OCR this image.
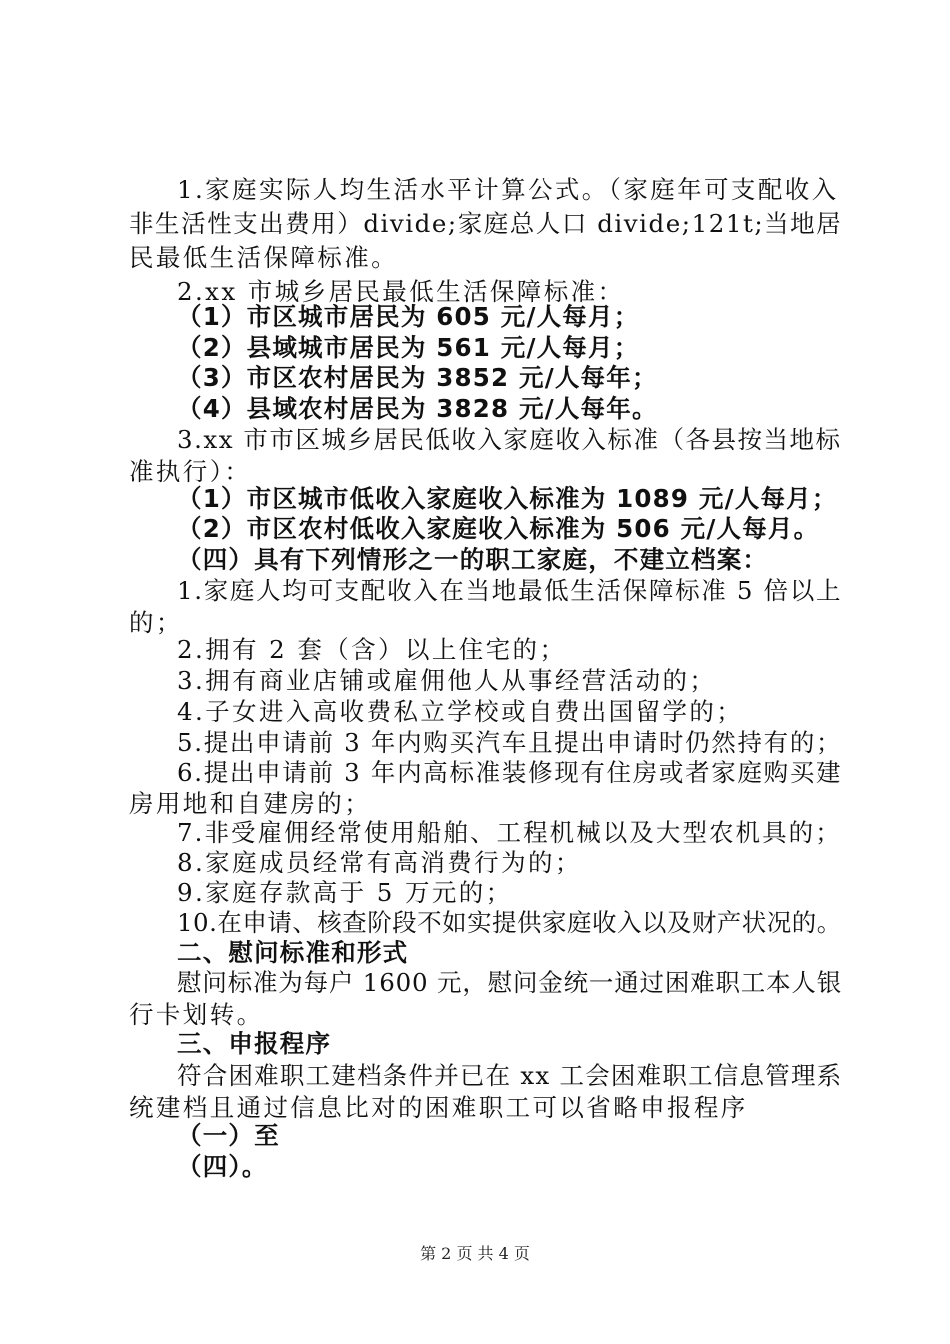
1.家庭实际人均生活水平计算公式。（家庭年可支配收入
非生活性支出费用）divide;家庭总人口 divide;121t;当地居
民最低生活保障标准。
2.xx 市城乡居民最低生活保障标准：
（1）市区城市居民为 605 元/人每月；
（2）县域城市居民为 561 元/人每月；
（3）市区农村居民为 3852 元/人每年；
（4）县域农村居民为 3828 元/人每年。
3.xx 市市区城乡居民低收入家庭收入标准（各县按当地标
准执行）：
（1）市区城市低收入家庭收入标准为 1089 元/人每月；
（2）市区农村低收入家庭收入标准为 506 元/人每月。
（四）具有下列情形之一的职工家庭，不建立档案：
1.家庭人均可支配收入在当地最低生活保障标准 5 倍以上
的；
2.拥有 2 套（含）以上住宅的；
3.拥有商业店铺或雇佣他人从事经营活动的；
4.子女进入高收费私立学校或自费出国留学的；
5.提出申请前 3 年内购买汽车且提出申请时仍然持有的；
6.提出申请前 3 年内高标准装修现有住房或者家庭购买建
房用地和自建房的；
7.非受雇佣经常使用船舶、工程机械以及大型农机具的；
8.家庭成员经常有高消费行为的；
9.家庭存款高于 5 万元的；
10.在申请、核查阶段不如实提供家庭收入以及财产状况的。
二、慰问标准和形式
慰问标准为每户 1600 元，慰问金统一通过困难职工本人银
行卡划转。
三、申报程序
符合困难职工建档条件并已在 xx 工会困难职工信息管理系
统建档且通过信息比对的困难职工可以省略申报程序
（一）至
（四）。
第 2 页 共 4 页
